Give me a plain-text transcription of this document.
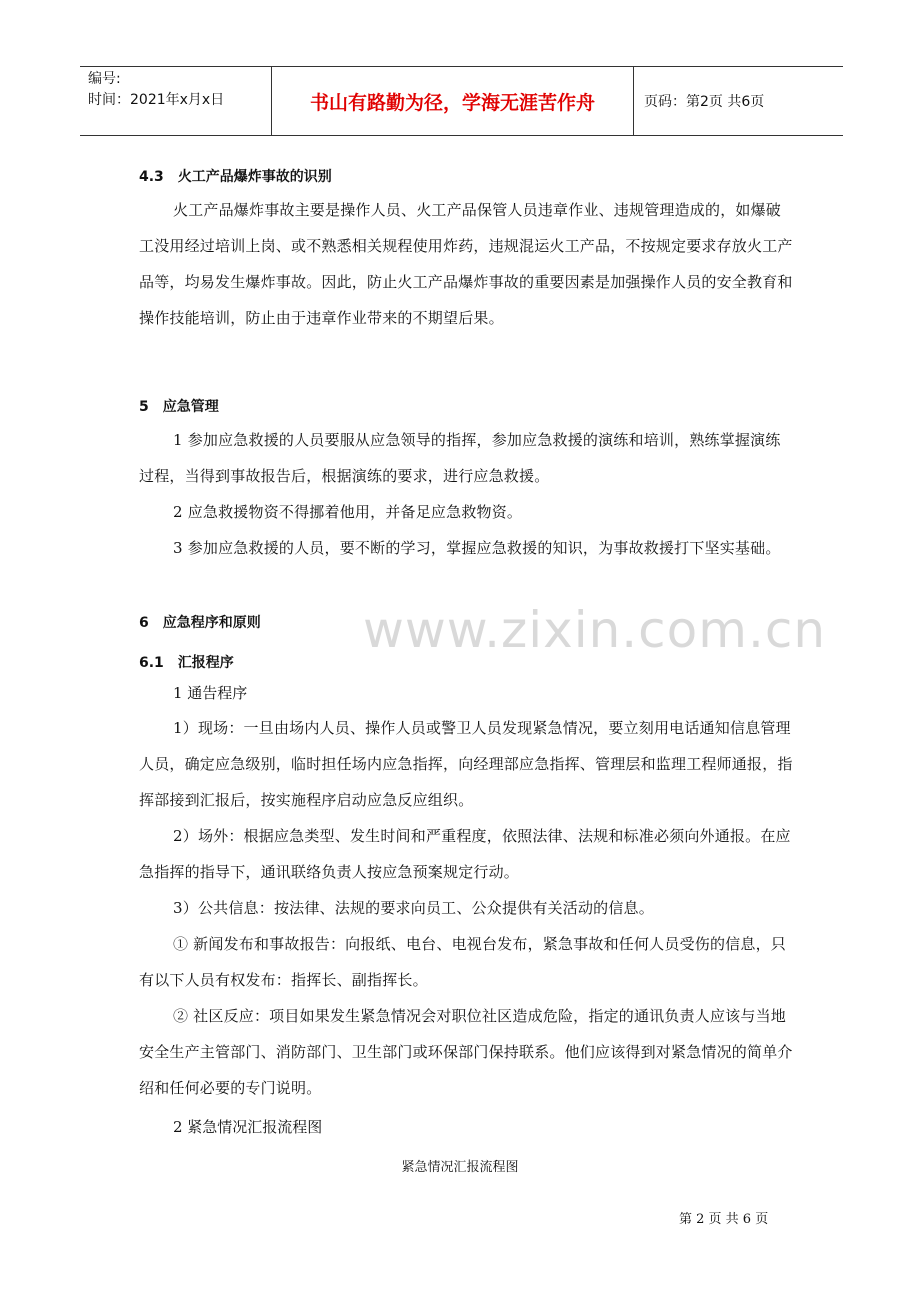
编号:
时间：2021年x月x日	书山有路勤为径，学海无涯苦作舟	页码：第2页 共6页
4.3　火工产品爆炸事故的识别
火工产品爆炸事故主要是操作人员、火工产品保管人员违章作业、违规管理造成的，如爆破工没用经过培训上岗、或不熟悉相关规程使用炸药，违规混运火工产品，不按规定要求存放火工产品等，均易发生爆炸事故。因此，防止火工产品爆炸事故的重要因素是加强操作人员的安全教育和操作技能培训，防止由于违章作业带来的不期望后果。
5　应急管理
1 参加应急救援的人员要服从应急领导的指挥，参加应急救援的演练和培训，熟练掌握演练过程，当得到事故报告后，根据演练的要求，进行应急救援。
2 应急救援物资不得挪着他用，并备足应急救物资。
3 参加应急救援的人员，要不断的学习，掌握应急救援的知识，为事故救援打下坚实基础。
www.zixin.com.cn
6　应急程序和原则
6.1　汇报程序
1 通告程序
1）现场：一旦由场内人员、操作人员或警卫人员发现紧急情况，要立刻用电话通知信息管理人员，确定应急级别，临时担任场内应急指挥，向经理部应急指挥、管理层和监理工程师通报，指挥部接到汇报后，按实施程序启动应急反应组织。
2）场外：根据应急类型、发生时间和严重程度，依照法律、法规和标准必须向外通报。在应急指挥的指导下，通讯联络负责人按应急预案规定行动。
3）公共信息：按法律、法规的要求向员工、公众提供有关活动的信息。
① 新闻发布和事故报告：向报纸、电台、电视台发布，紧急事故和任何人员受伤的信息，只有以下人员有权发布：指挥长、副指挥长。
② 社区反应：项目如果发生紧急情况会对职位社区造成危险，指定的通讯负责人应该与当地安全生产主管部门、消防部门、卫生部门或环保部门保持联系。他们应该得到对紧急情况的简单介绍和任何必要的专门说明。
2 紧急情况汇报流程图
紧急情况汇报流程图
第 2 页 共 6 页
